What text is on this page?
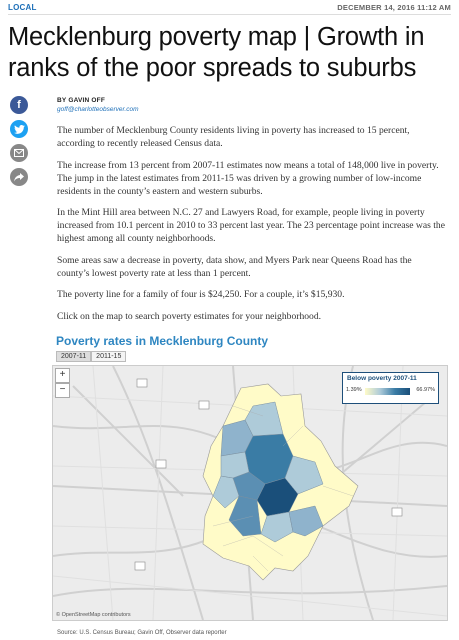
LOCAL	DECEMBER 14, 2016 11:12 AM
Mecklenburg poverty map | Growth in ranks of the poor spreads to suburbs
f	BY GAVIN OFF
goff@charlotteobserver.com

The number of Mecklenburg County residents living in poverty has increased to 15 percent, according to recently released Census data.

The increase from 13 percent from 2007-11 estimates now means a total of 148,000 live in poverty. The jump in the latest estimates from 2011-15 was driven by a growing number of low-income residents in the county’s eastern and western suburbs.

In the Mint Hill area between N.C. 27 and Lawyers Road, for example, people living in poverty increased from 10.1 percent in 2010 to 33 percent last year. The 23 percentage point increase was the highest among all county neighborhoods.

Some areas saw a decrease in poverty, data show, and Myers Park near Queens Road has the county’s lowest poverty rate at less than 1 percent.

The poverty line for a family of four is $24,250. For a couple, it’s $15,930.

Click on the map to search poverty estimates for your neighborhood.

Poverty rates in Mecklenburg County
2007-11	2011-15
+
−
Below poverty 2007-11
1.39%	66.97%
© OpenStreetMap contributors
Source: U.S. Census Bureau; Gavin Off, Observer data reporter
